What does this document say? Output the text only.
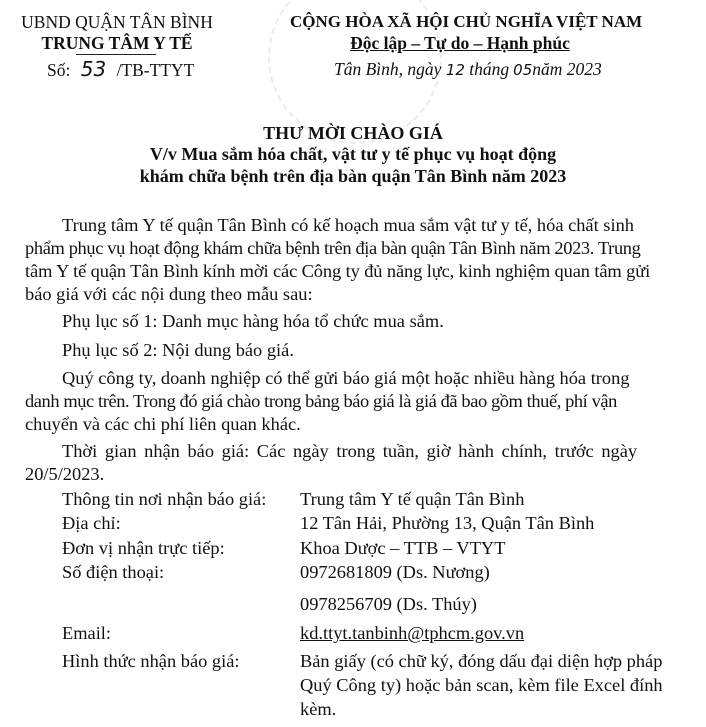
UBND QUẬN TÂN BÌNH
TRUNG TÂM Y TẾ
Số: 53 /TB-TTYT
CỘNG HÒA XÃ HỘI CHỦ NGHĨA VIỆT NAM
Độc lập – Tự do – Hạnh phúc
Tân Bình, ngày 12 tháng 05năm 2023
THƯ MỜI CHÀO GIÁ
V/v Mua sắm hóa chất, vật tư y tế phục vụ hoạt động
khám chữa bệnh trên địa bàn quận Tân Bình năm 2023
Trung tâm Y tế quận Tân Bình có kế hoạch mua sắm vật tư y tế, hóa chất sinh
phẩm phục vụ hoạt động khám chữa bệnh trên địa bàn quận Tân Bình năm 2023. Trung
tâm Y tế quận Tân Bình kính mời các Công ty đủ năng lực, kinh nghiệm quan tâm gửi
báo giá với các nội dung theo mẫu sau:
Phụ lục số 1: Danh mục hàng hóa tổ chức mua sắm.
Phụ lục số 2: Nội dung báo giá.
Quý công ty, doanh nghiệp có thể gửi báo giá một hoặc nhiều hàng hóa trong
danh mục trên. Trong đó giá chào trong bảng báo giá là giá đã bao gồm thuế, phí vận
chuyển và các chi phí liên quan khác.
Thời gian nhận báo giá: Các ngày trong tuần, giờ hành chính, trước ngày
20/5/2023.
Thông tin nơi nhận báo giá: Trung tâm Y tế quận Tân Bình
Địa chỉ:	12 Tân Hải, Phường 13, Quận Tân Bình
Đơn vị nhận trực tiếp:	Khoa Dược – TTB – VTYT
Số điện thoại:	0972681809 (Ds. Nương)
0978256709 (Ds. Thúy)
Email:	kd.ttyt.tanbinh@tphcm.gov.vn
Hình thức nhận báo giá:	Bản giấy (có chữ ký, đóng dấu đại diện hợp pháp
Quý Công ty) hoặc bản scan, kèm file Excel đính
kèm.
